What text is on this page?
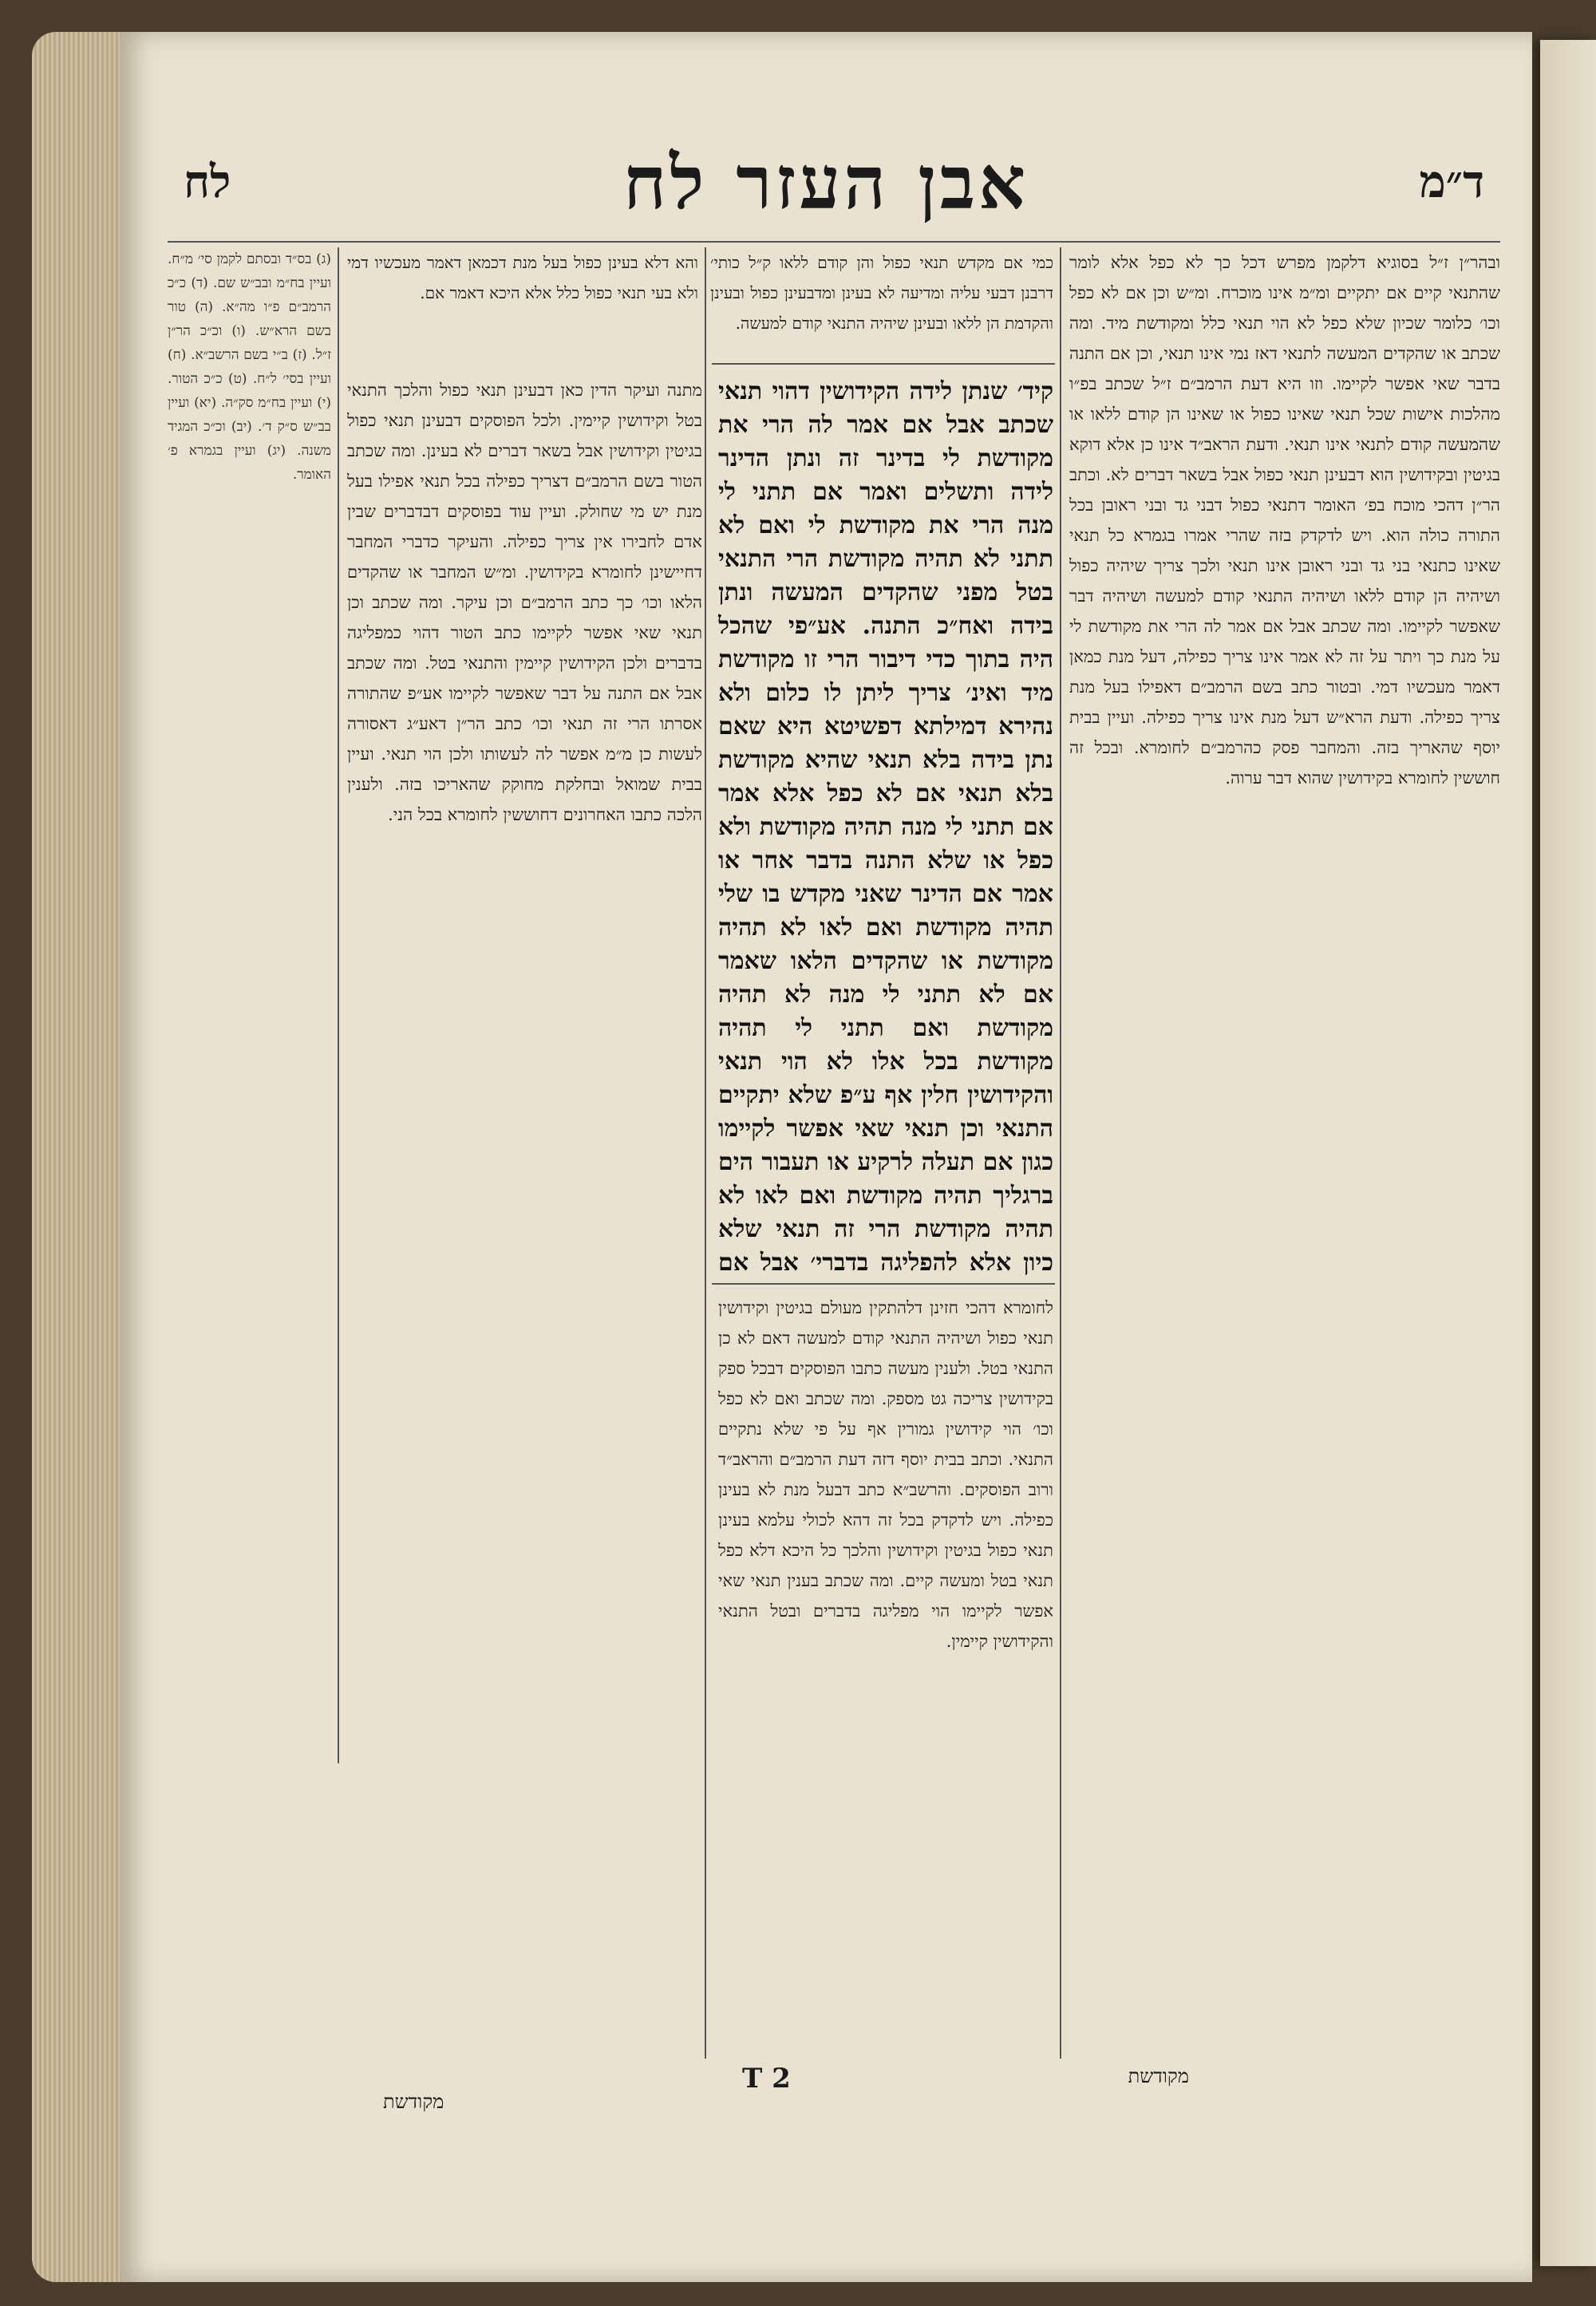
ד״מ
אבן העזר לח
לח

ובהר״ן ז״ל בסוגיא דלקמן מפרש דכל כך לא כפל אלא לומר שהתנאי קיים אם יתקיים ומ״מ אינו מוכרח. ומ״ש וכן אם לא כפל וכו׳ כלומר שכיון שלא כפל לא הוי תנאי כלל ומקודשת מיד. ומה שכתב או שהקדים המעשה לתנאי דאז נמי אינו תנאי, וכן אם התנה בדבר שאי אפשר לקיימו. וזו היא דעת הרמב״ם ז״ל שכתב בפ״ו מהלכות אישות שכל תנאי שאינו כפול או שאינו הן קודם ללאו או שהמעשה קודם לתנאי אינו תנאי. ודעת הראב״ד אינו כן אלא דוקא בגיטין ובקידושין הוא דבעינן תנאי כפול אבל בשאר דברים לא. וכתב הר״ן דהכי מוכח בפ׳ האומר דתנאי כפול דבני גד ובני ראובן בכל התורה כולה הוא. ויש לדקדק בזה שהרי אמרו בגמרא כל תנאי שאינו כתנאי בני גד ובני ראובן אינו תנאי ולכך צריך שיהיה כפול ושיהיה הן קודם ללאו ושיהיה התנאי קודם למעשה ושיהיה דבר שאפשר לקיימו. ומה שכתב אבל אם אמר לה הרי את מקודשת לי על מנת כך ויתר על זה לא אמר אינו צריך כפילה, דעל מנת כמאן דאמר מעכשיו דמי. ובטור כתב בשם הרמב״ם דאפילו בעל מנת צריך כפילה. ודעת הרא״ש דעל מנת אינו צריך כפילה. ועיין בבית יוסף שהאריך בזה. והמחבר פסק כהרמב״ם לחומרא. ובכל זה חוששין לחומרא בקידושין שהוא דבר ערוה.

כמי אם מקדש תנאי כפול והן קודם ללאו ק״ל כותי׳ דרבנן דבעי עליה ומדיעה לא בעינן ומדבעינן כפול ובעינן והקדמת הן ללאו ובעינן שיהיה התנאי קודם למעשה.

והא דלא בעינן כפול בעל מנת דכמאן דאמר מעכשיו דמי ולא בעי תנאי כפול כלל אלא היכא דאמר אם.

קיד׳ שנתן לידה הקידושין דהוי תנאי שכתב אבל אם אמר לה הרי את מקודשת לי בדינר זה ונתן הדינר לידה ותשלים ואמר אם תתני לי מנה הרי את מקודשת לי ואם לא תתני לא תהיה מקודשת הרי התנאי בטל מפני שהקדים המעשה ונתן בידה ואח״כ התנה. אע״פי שהכל היה בתוך כדי דיבור הרי זו מקודשת מיד ואינ׳ צריך ליתן לו כלום ולא נהירא דמילתא דפשיטא היא שאם נתן בידה בלא תנאי שהיא מקודשת בלא תנאי אם לא כפל אלא אמר אם תתני לי מנה תהיה מקודשת ולא כפל או שלא התנה בדבר אחר או אמר אם הדינר שאני מקדש בו שלי תהיה מקודשת ואם לאו לא תהיה מקודשת או שהקדים הלאו שאמר אם לא תתני לי מנה לא תהיה מקודשת ואם תתני לי תהיה מקודשת בכל אלו לא הוי תנאי והקידושין חלין אף ע״פ שלא יתקיים התנאי וכן תנאי שאי אפשר לקיימו כגון אם תעלה לרקיע או תעבור הים ברגליך תהיה מקודשת ואם לאו לא תהיה מקודשת הרי זה תנאי שלא כיון אלא להפליגה בדברי׳ אבל אם

מתנה ועיקר הדין כאן דבעינן תנאי כפול והלכך התנאי בטל וקידושין קיימין. ולכל הפוסקים דבעינן תנאי כפול בגיטין וקידושין אבל בשאר דברים לא בעינן. ומה שכתב הטור בשם הרמב״ם דצריך כפילה בכל תנאי אפילו בעל מנת יש מי שחולק. ועיין עוד בפוסקים דבדברים שבין אדם לחבירו אין צריך כפילה. והעיקר כדברי המחבר דחיישינן לחומרא בקידושין. ומ״ש המחבר או שהקדים הלאו וכו׳ כך כתב הרמב״ם וכן עיקר. ומה שכתב וכן תנאי שאי אפשר לקיימו כתב הטור דהוי כמפליגה בדברים ולכן הקידושין קיימין והתנאי בטל. ומה שכתב אבל אם התנה על דבר שאפשר לקיימו אע״פ שהתורה אסרתו הרי זה תנאי וכו׳ כתב הר״ן דאע״ג דאסורה לעשות כן מ״מ אפשר לה לעשותו ולכן הוי תנאי. ועיין בבית שמואל ובחלקת מחוקק שהאריכו בזה. ולענין הלכה כתבו האחרונים דחוששין לחומרא בכל הני.

לחומרא דהכי חזינן דלהתקין מעולם בגיטין וקידושין תנאי כפול ושיהיה התנאי קודם למעשה דאם לא כן התנאי בטל. ולענין מעשה כתבו הפוסקים דבכל ספק בקידושין צריכה גט מספק. ומה שכתב ואם לא כפל וכו׳ הוי קידושין גמורין אף על פי שלא נתקיים התנאי. וכתב בבית יוסף דזה דעת הרמב״ם והראב״ד ורוב הפוסקים. והרשב״א כתב דבעל מנת לא בעינן כפילה. ויש לדקדק בכל זה דהא לכולי עלמא בעינן תנאי כפול בגיטין וקידושין והלכך כל היכא דלא כפל תנאי בטל ומעשה קיים. ומה שכתב בענין תנאי שאי אפשר לקיימו הוי מפליגה בדברים ובטל התנאי והקידושין קיימין.

(ג) בס״ד ובסתם לקמן סי׳ מ״ח. ועיין בח״מ ובב״ש שם. (ד) כ״כ הרמב״ם פ״ו מה״א. (ה) טור בשם הרא״ש. (ו) וכ״כ הר״ן ז״ל. (ז) ב״י בשם הרשב״א. (ח) ועיין בסי׳ ל״ח. (ט) כ״כ הטור. (י) ועיין בח״מ סק״ה. (יא) ועיין בב״ש ס״ק ד׳. (יב) וכ״כ המגיד משנה. (יג) ועיין בגמרא פ׳ האומר.

T 2	מקודשת
מקודשת
